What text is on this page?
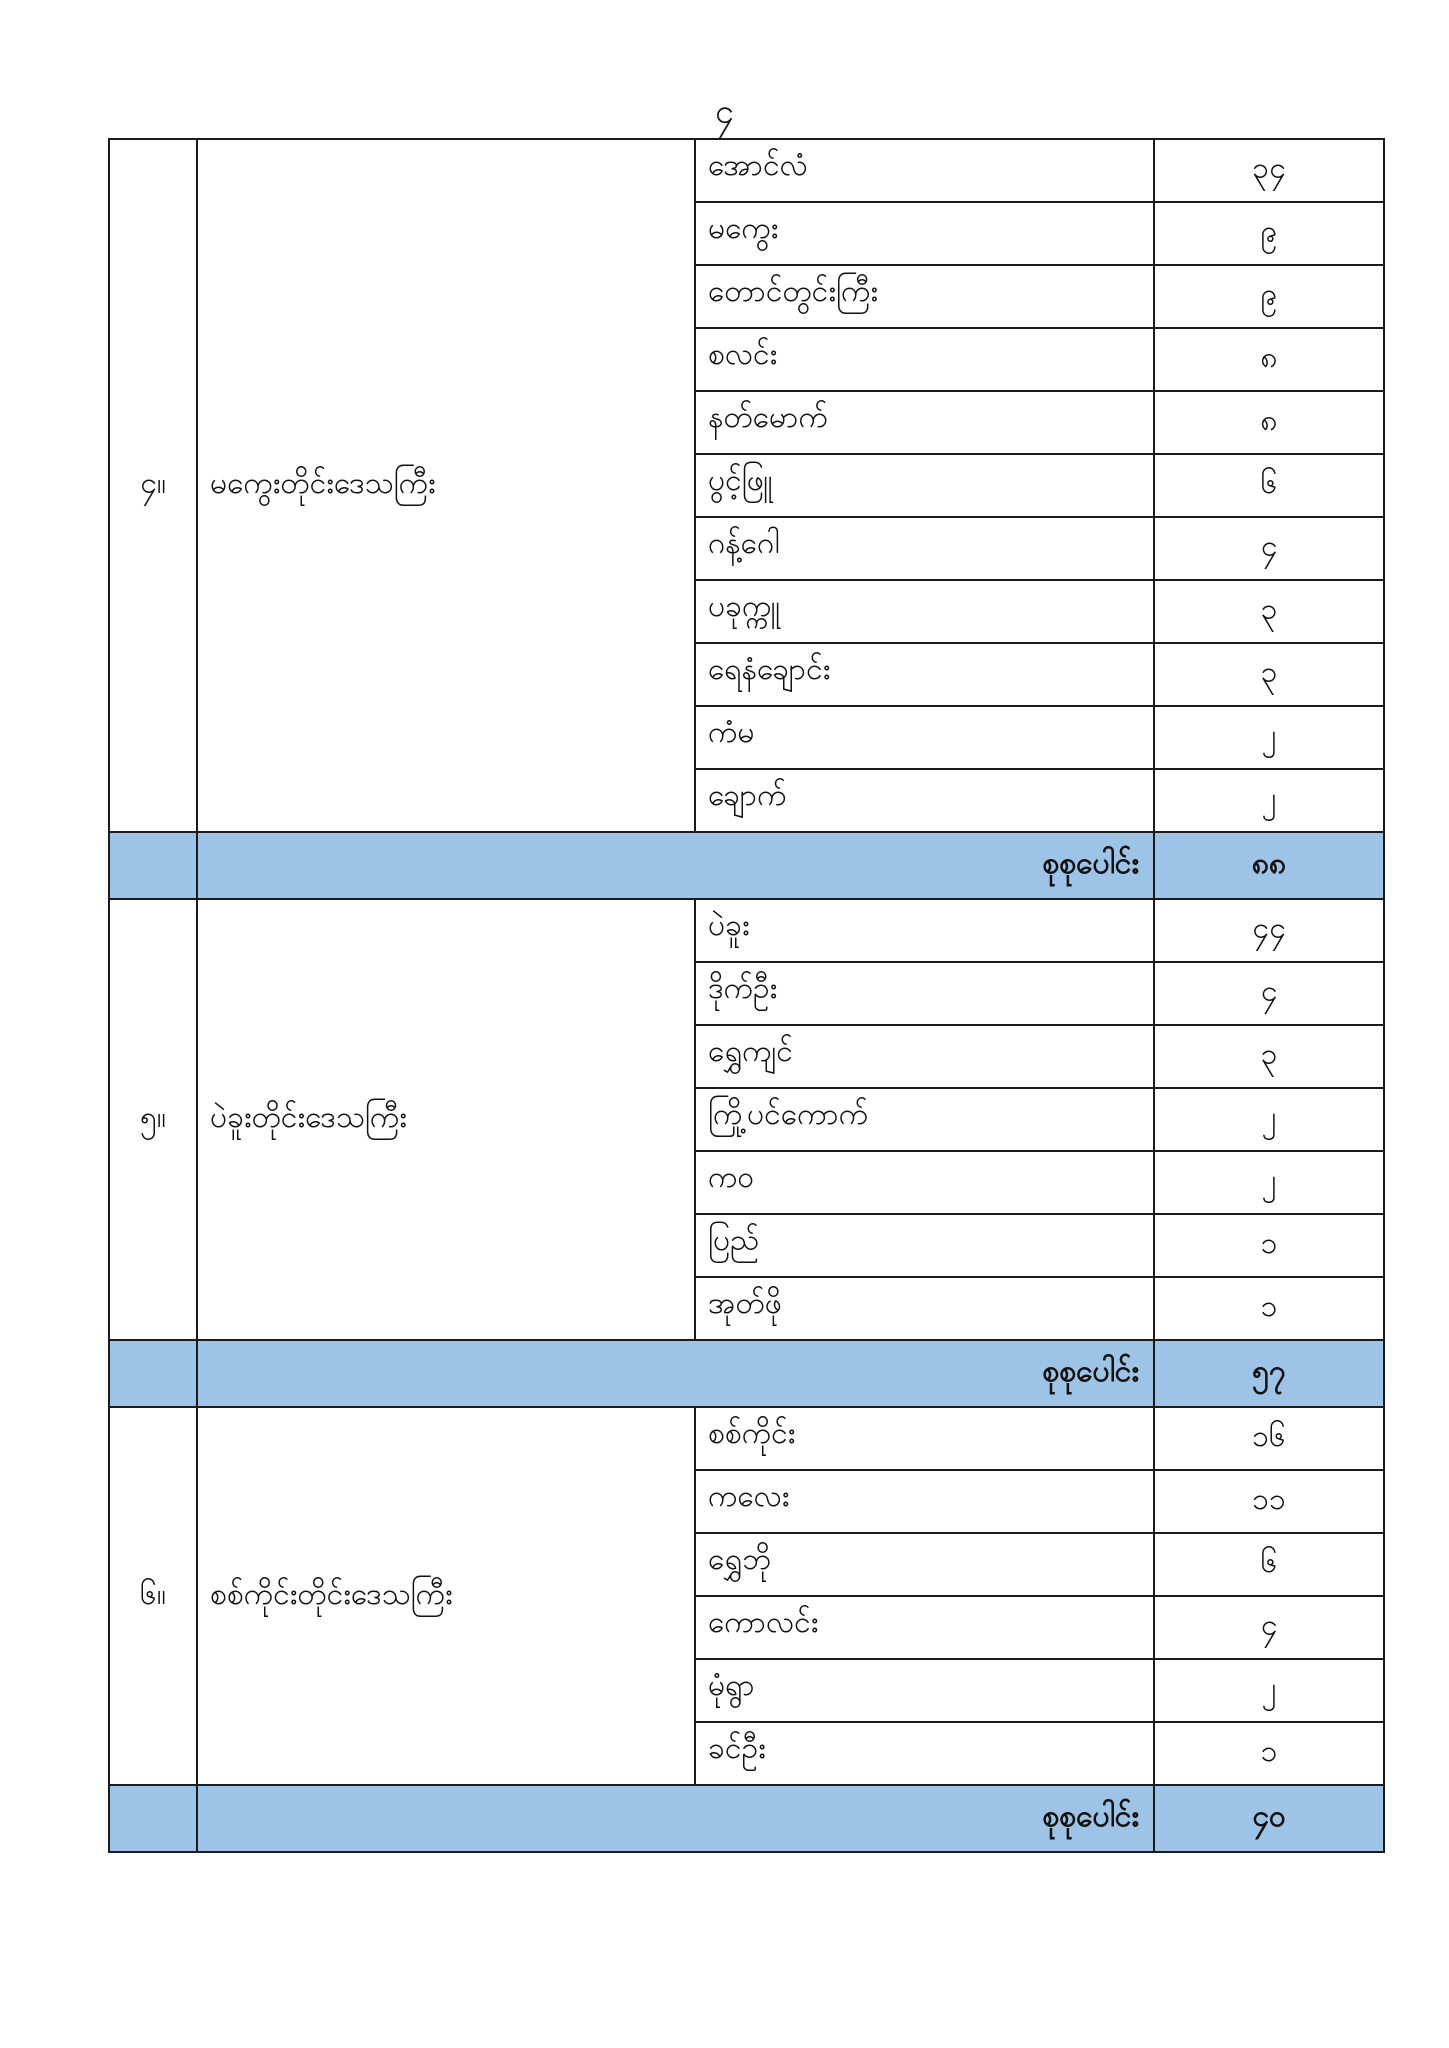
၄
၄။	မကွေးတိုင်းဒေသကြီး	အောင်လံ	၃၄
		မကွေး	၉
		တောင်တွင်းကြီး	၉
		စလင်း	၈
		နတ်မောက်	၈
		ပွင့်ဖြူ	၆
		ဂန့်ဂေါ	၄
		ပခုက္ကူ	၃
		ရေနံချောင်း	၃
		ကံမ	၂
		ချောက်	၂
	စုစုပေါင်း		၈၈
၅။	ပဲခူးတိုင်းဒေသကြီး	ပဲခူး	၄၄
		ဒိုက်ဦး	၄
		ရွှေကျင်	၃
		ကြို့ပင်ကောက်	၂
		ကဝ	၂
		ပြည်	၁
		အုတ်ဖို	၁
	စုစုပေါင်း		၅၇
၆။	စစ်ကိုင်းတိုင်းဒေသကြီး	စစ်ကိုင်း	၁၆
		ကလေး	၁၁
		ရွှေဘို	၆
		ကောလင်း	၄
		မုံရွာ	၂
		ခင်ဦး	၁
	စုစုပေါင်း		၄၀
